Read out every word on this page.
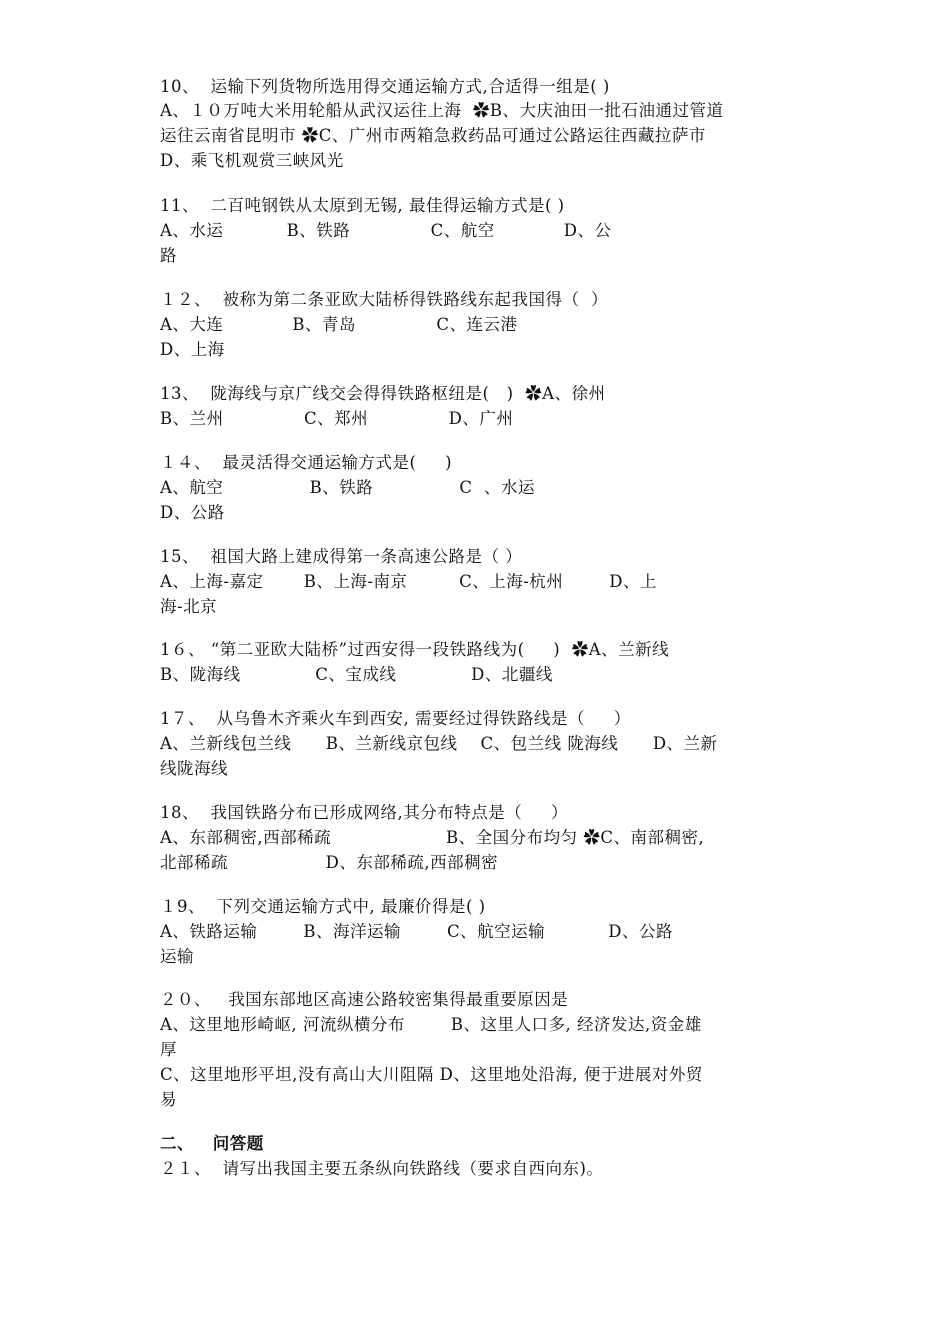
10、  运输下列货物所选用得交通运输方式,合适得一组是( )
A、１０万吨大米用轮船从武汉运往上海  ✿B、大庆油田一批石油通过管道
运往云南省昆明市 ✿C、广州市两箱急救药品可通过公路运往西藏拉萨市
D、乘飞机观赏三峡风光
11、  二百吨钢铁从太原到无锡, 最佳得运输方式是( )
A、水运           B、铁路              C、航空            D、公
路
１２、  被称为第二条亚欧大陆桥得铁路线东起我国得（  ）
A、大连            B、青岛              C、连云港
D、上海
13、  陇海线与京广线交会得得铁路枢纽是(   )  ✿A、徐州
B、兰州              C、郑州              D、广州
１４、  最灵活得交通运输方式是(     )
A、航空               B、铁路               C  、水运
D、公路
15、  祖国大路上建成得第一条高速公路是（ ）
A、上海-嘉定       B、上海-南京         C、上海-杭州        D、上
海-北京
1６、 “第二亚欧大陆桥”过西安得一段铁路线为(     )  ✿A、兰新线
B、陇海线             C、宝成线             D、北疆线
1７、  从乌鲁木齐乘火车到西安, 需要经过得铁路线是（     ）
A、兰新线包兰线      B、兰新线京包线    C、包兰线 陇海线      D、兰新
线陇海线
18、  我国铁路分布已形成网络,其分布特点是（     ）
A、东部稠密,西部稀疏                    B、全国分布均匀 ✿C、南部稠密,
北部稀疏                 D、东部稀疏,西部稠密
１9、  下列交通运输方式中, 最廉价得是( )
A、铁路运输        B、海洋运输        C、航空运输           D、公路
运输
２０、   我国东部地区高速公路较密集得最重要原因是
A、这里地形崎岖, 河流纵横分布        B、这里人口多, 经济发达,资金雄
厚
C、这里地形平坦,没有高山大川阻隔 D、这里地处沿海, 便于进展对外贸
易
二、   问答题
２１、  请写出我国主要五条纵向铁路线（要求自西向东)。
